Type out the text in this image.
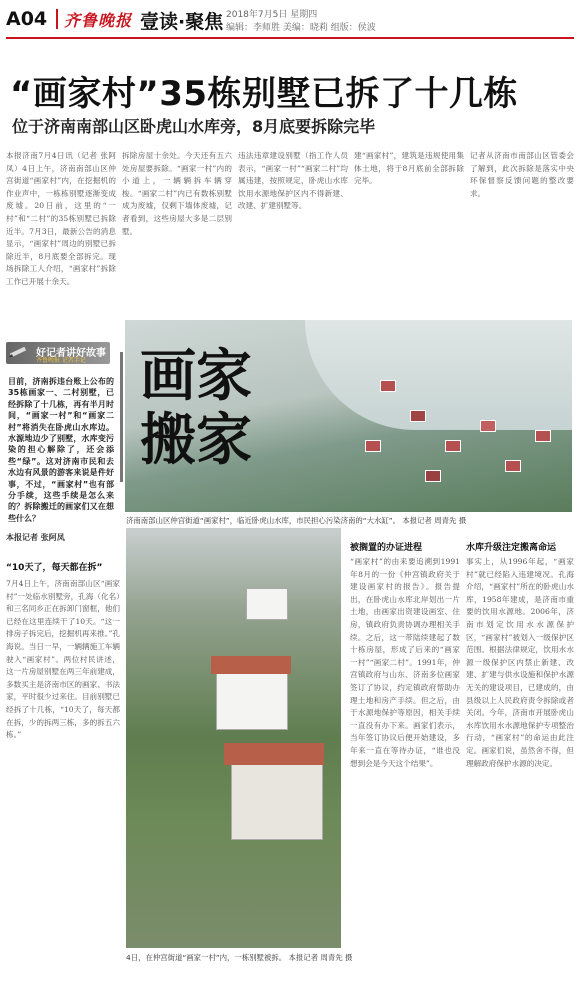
A04 齐鲁晚报 壹读·聚焦 2018年7月5日 星期四
编辑：李师胜 美编：晓莉 组版：侯波
“画家村”35栋别墅已拆了十几栋
位于济南南部山区卧虎山水库旁，8月底要拆除完毕
本报济南7月4日讯（记者 张阿凤）4日上午，济南南部山区仲宫街道“画家村”内，在挖掘机的作业声中，一栋栋别墅逐渐变成废墟。20日前，这里的“一村”和“二村”的35栋别墅已拆除近半。7月3日，最新公告的消息显示，“画家村”周边的别墅已拆除近半，8月底要全部拆完。现场拆除工人介绍，“画家村”拆除工作已开展十余天。
拆除房屋十余处。今天还有五六处房屋要拆除。“画家一村”内的小道上，一辆辆拆车辆穿梭。“画家二村”内已有数栋别墅成为废墟，仅剩下墙体废墟，记者看到，这些房屋大多是二层别墅。
违法违章建设别墅（指工作人员表示，“画家一村”“画家二村”均属违建，按照规定，卧虎山水库饮用水源地保护区内不得新建、改建、扩建别墅等。
建“画家村”，建筑是违规使用集体土地，将于8月底前全部拆除完毕。
记者从济南市南部山区管委会了解到，此次拆除是落实中央环保督察反馈问题的整改要求。
好记者讲好故事
齐鲁晚报 记者手记
目前，济南拆违台账上公布的35栋画家一、二村别墅，已经拆除了十几栋，再有半月时间，“画家一村”和“画家二村”将消失在卧虎山水库边。水源地边少了别墅，水库变污染的担心解除了，还会添些“绿”。这对济南市民和去水边有风景的游客来说是件好事，不过，“画家村”也有部分手续，这些手续是怎么来的？拆除搬迁的画家们又在想些什么？
画家
搬家
济南南部山区仲宫街道“画家村”，临近卧虎山水库，市民担心污染济南的“大水缸”。 本报记者 周青先 摄
本报记者 张阿凤
“10天了，每天都在拆”
7月4日上午，济南南部山区“画家村”一处临水别墅旁，孔海（化名）和三名同乡正在拆卸门窗框，他们已经在这里连续干了10天。“这一排房子拆完后，挖掘机再来推。”孔海说。当日一早，一辆辆施工车辆驶入“画家村”。两位村民讲述，这一片房屋别墅在两三年前建成，多数买主是济南市区的画家、书法家，平时很少过来住。目前别墅已经拆了十几栋，“10天了，每天都在拆，少的拆两三栋，多的拆五六栋。”
4日，在仲宫街道“画家一村”内，一栋别墅被拆。 本报记者 周青先 摄
被搁置的办证进程
“画家村”的由来要追溯到1991年8月的一份《仲宫镇政府关于建设画家村的报告》。报告提出，在卧虎山水库北岸划出一片土地，由画家出资建设画室、住房，镇政府负责协调办理相关手续。之后，这一带陆续建起了数十栋房屋，形成了后来的“画家一村”“画家二村”。1991年，仲宫镇政府与山东、济南多位画家签订了协议，约定镇政府帮助办理土地和房产手续。但之后，由于水源地保护等原因，相关手续一直没有办下来。画家们表示，当年签订协议后便开始建设，多年来一直在等待办证，“谁也没想到会是今天这个结果”。
水库升级注定搬离命运
事实上，从1996年起，“画家村”就已经陷入违建境况。孔海介绍，“画家村”所在的卧虎山水库，1958年建成，是济南市重要的饮用水源地。2006年，济南市划定饮用水水源保护区，“画家村”被划入一级保护区范围。根据法律规定，饮用水水源一级保护区内禁止新建、改建、扩建与供水设施和保护水源无关的建设项目，已建成的，由县级以上人民政府责令拆除或者关闭。今年，济南市开展卧虎山水库饮用水水源地保护专项整治行动，“画家村”的命运由此注定。画家们说，虽然舍不得，但理解政府保护水源的决定。
